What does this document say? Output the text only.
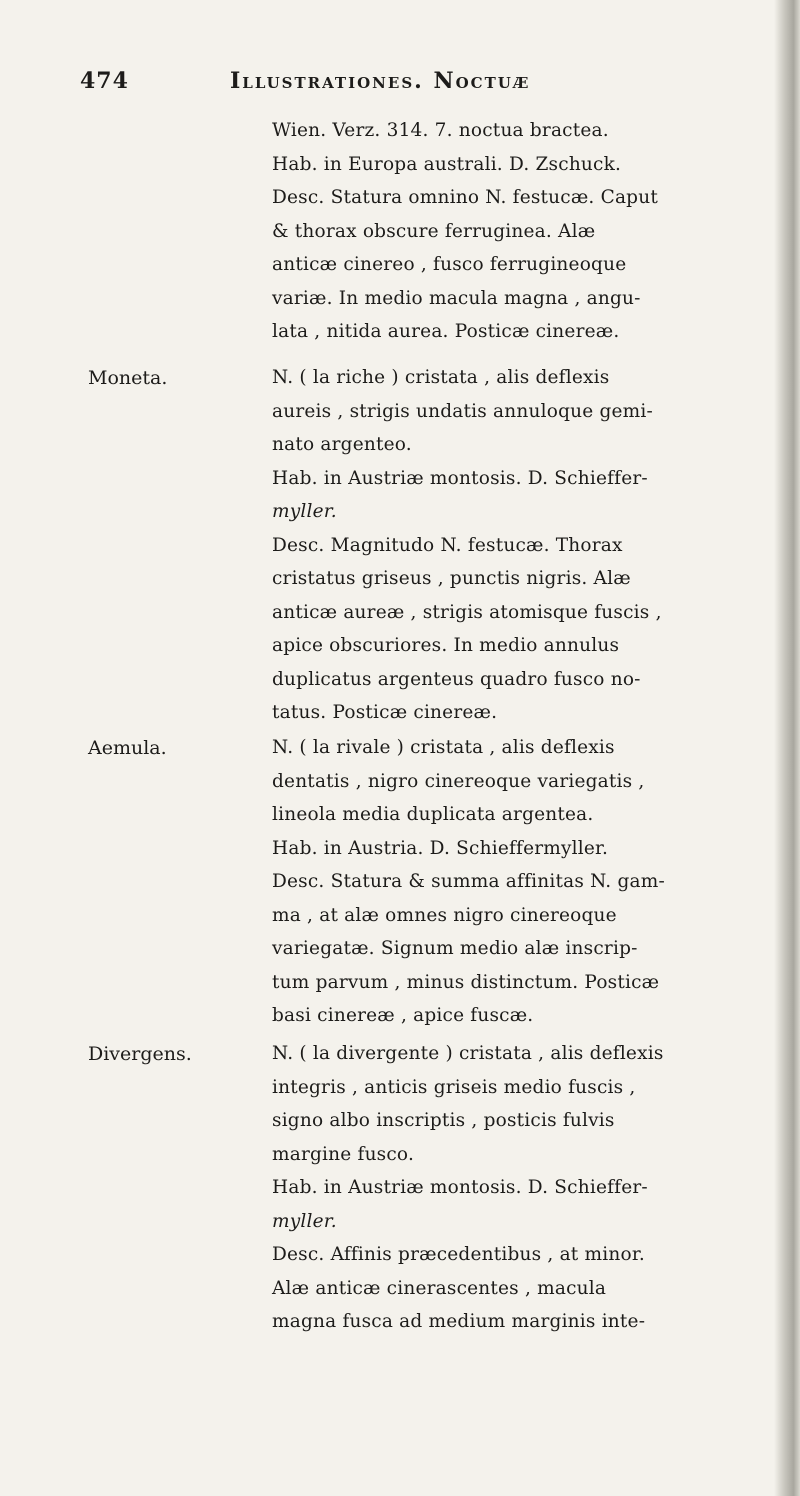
474	Illustrationes. Noctuæ
Wien. Verz. 314. 7. noctua bractea.
Hab. in Europa australi. D. Zschuck.
Desc. Statura omnino N. festucæ. Caput
& thorax obscure ferruginea. Alæ
anticæ cinereo , fusco ferrugineoque
variæ. In medio macula magna , angu-
lata , nitida aurea. Posticæ cinereæ.
Moneta.	N. ( la riche ) cristata , alis deflexis
aureis , strigis undatis annuloque gemi-
nato argenteo.
Hab. in Austriæ montosis. D. Schieffer-
myller.
Desc. Magnitudo N. festucæ. Thorax
cristatus griseus , punctis nigris. Alæ
anticæ aureæ , strigis atomisque fuscis ,
apice obscuriores. In medio annulus
duplicatus argenteus quadro fusco no-
tatus. Posticæ cinereæ.
Aemula.	N. ( la rivale ) cristata , alis deflexis
dentatis , nigro cinereoque variegatis ,
lineola media duplicata argentea.
Hab. in Austria. D. Schieffermyller.
Desc. Statura & summa affinitas N. gam-
ma , at alæ omnes nigro cinereoque
variegatæ. Signum medio alæ inscrip-
tum parvum , minus distinctum. Posticæ
basi cinereæ , apice fuscæ.
Divergens.	N. ( la divergente ) cristata , alis deflexis
integris , anticis griseis medio fuscis ,
signo albo inscriptis , posticis fulvis
margine fusco.
Hab. in Austriæ montosis. D. Schieffer-
myller.
Desc. Affinis præcedentibus , at minor.
Alæ anticæ cinerascentes , macula
magna fusca ad medium marginis inte-
